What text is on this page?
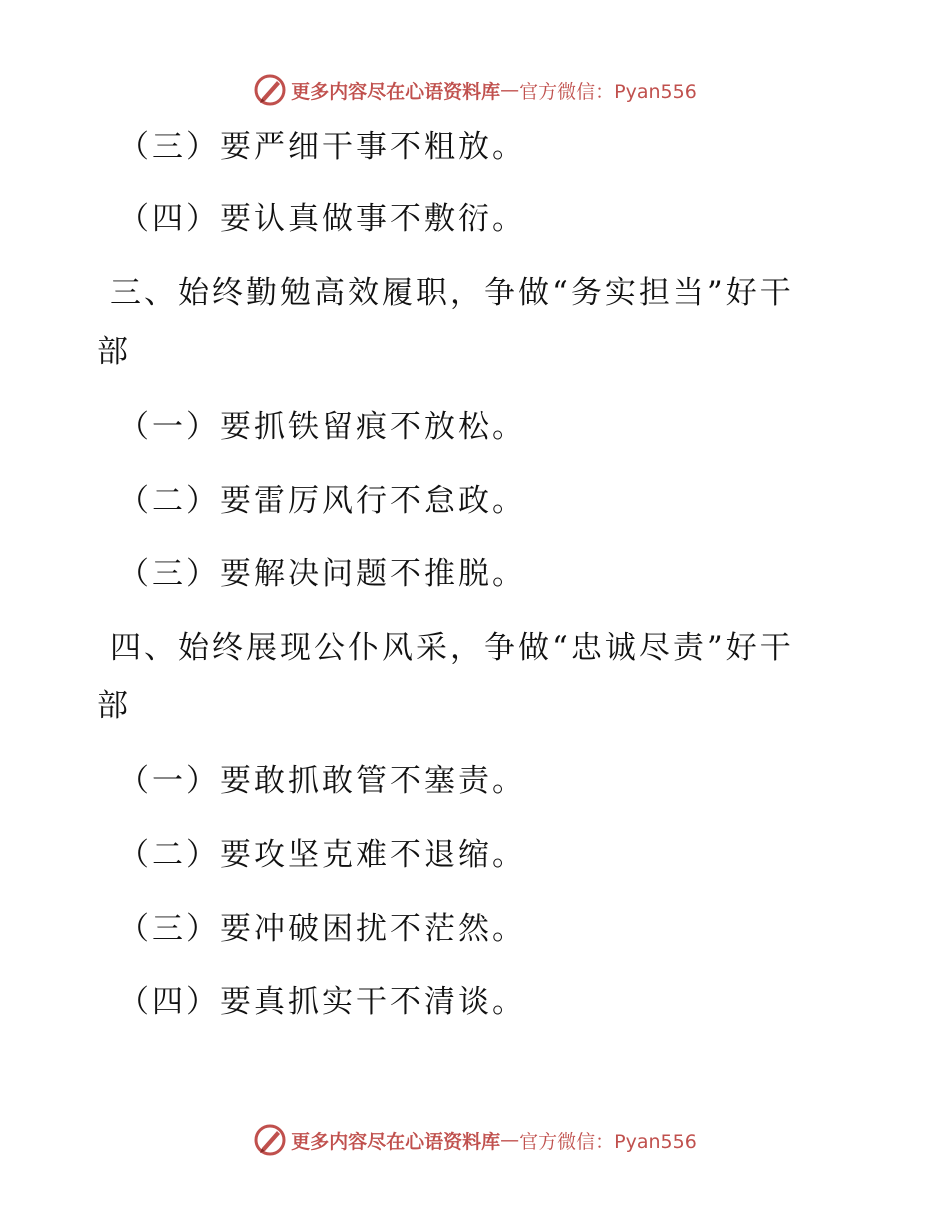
更多内容尽在心语资料库 — 官方微信：Pyan556
（三）要严细干事不粗放。
（四）要认真做事不敷衍。
三、始终勤勉高效履职，争做“务实担当”好干
部
（一）要抓铁留痕不放松。
（二）要雷厉风行不怠政。
（三）要解决问题不推脱。
四、始终展现公仆风采，争做“忠诚尽责”好干
部
（一）要敢抓敢管不塞责。
（二）要攻坚克难不退缩。
（三）要冲破困扰不茫然。
（四）要真抓实干不清谈。
更多内容尽在心语资料库 — 官方微信：Pyan556
